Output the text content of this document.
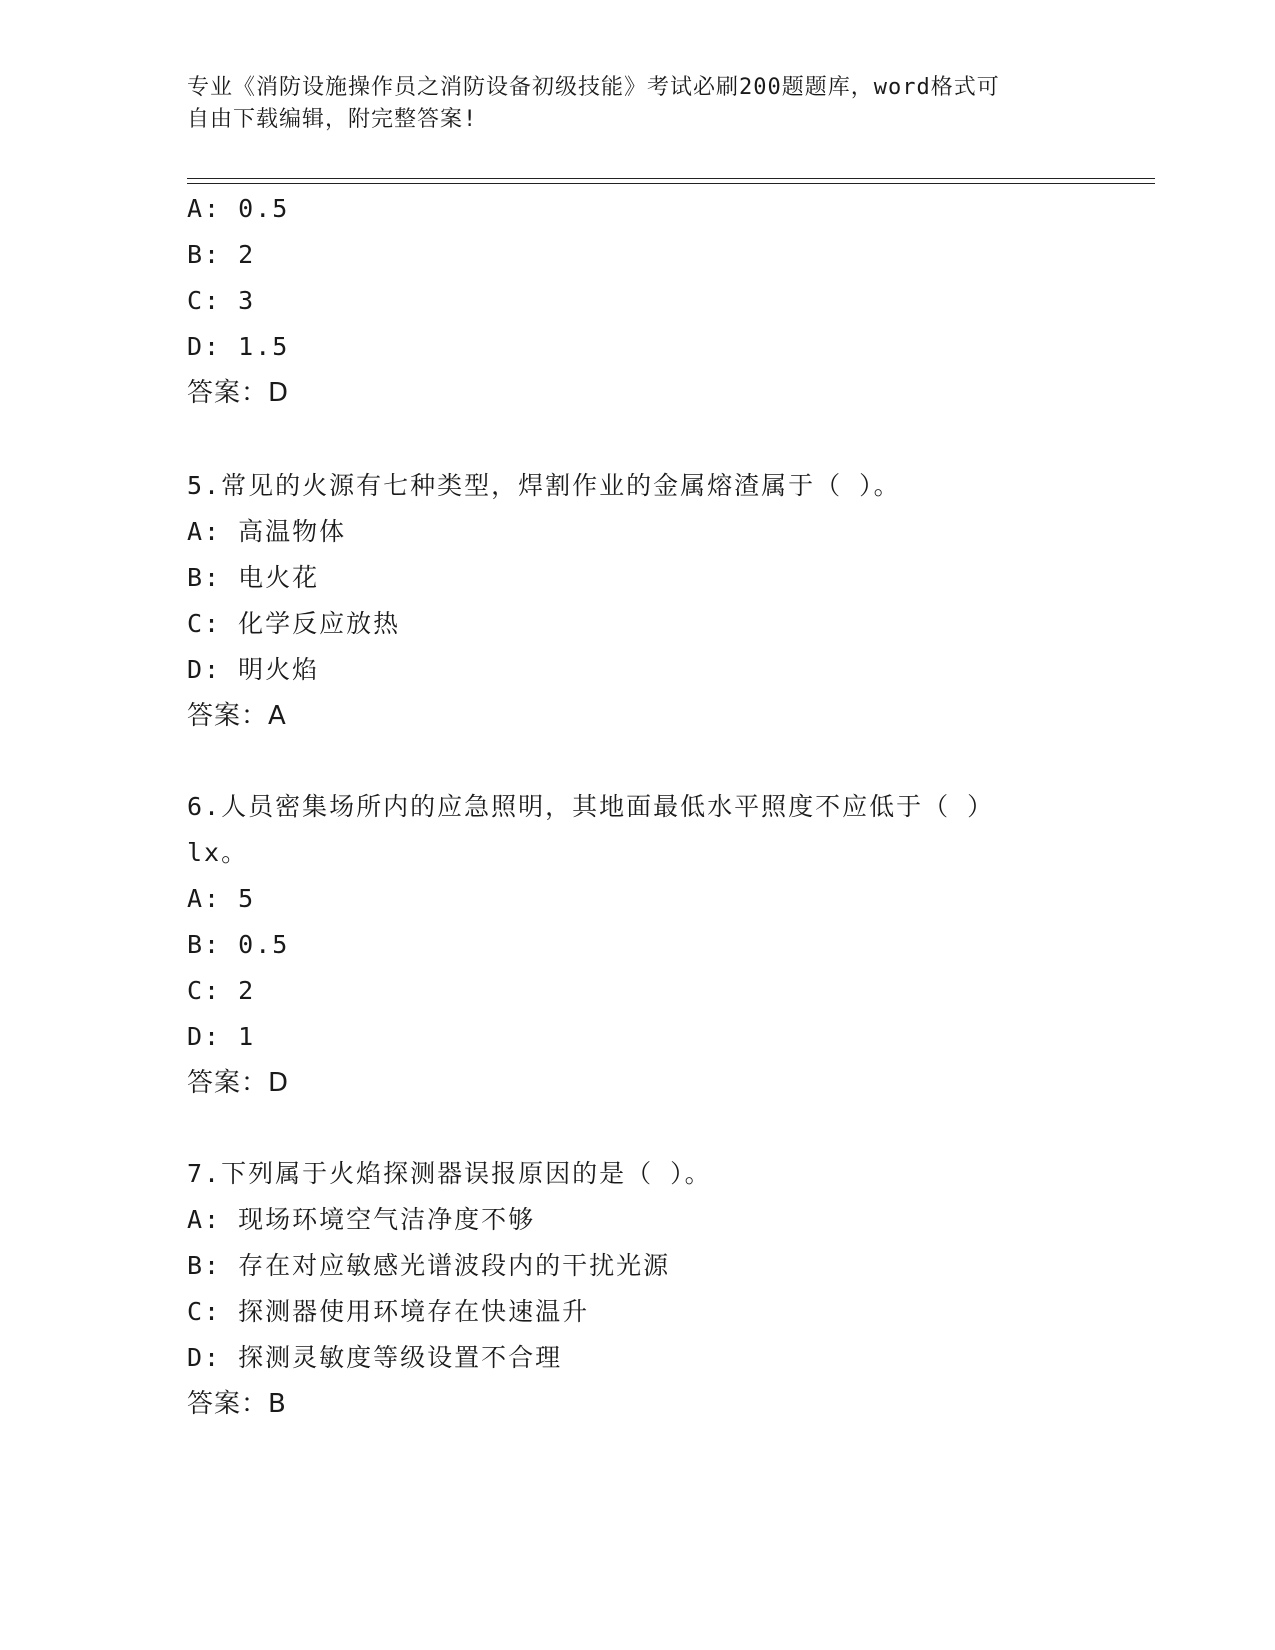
专业《消防设施操作员之消防设备初级技能》考试必刷200题题库，word格式可
自由下载编辑，附完整答案!
A: 0.5
B: 2
C: 3
D: 1.5
答案：D
5.常见的火源有七种类型，焊割作业的金属熔渣属于（ ）。
A: 高温物体
B: 电火花
C: 化学反应放热
D: 明火焰
答案：A
6.人员密集场所内的应急照明，其地面最低水平照度不应低于（ ）
lx。
A: 5
B: 0.5
C: 2
D: 1
答案：D
7.下列属于火焰探测器误报原因的是（ ）。
A: 现场环境空气洁净度不够
B: 存在对应敏感光谱波段内的干扰光源
C: 探测器使用环境存在快速温升
D: 探测灵敏度等级设置不合理
答案：B
